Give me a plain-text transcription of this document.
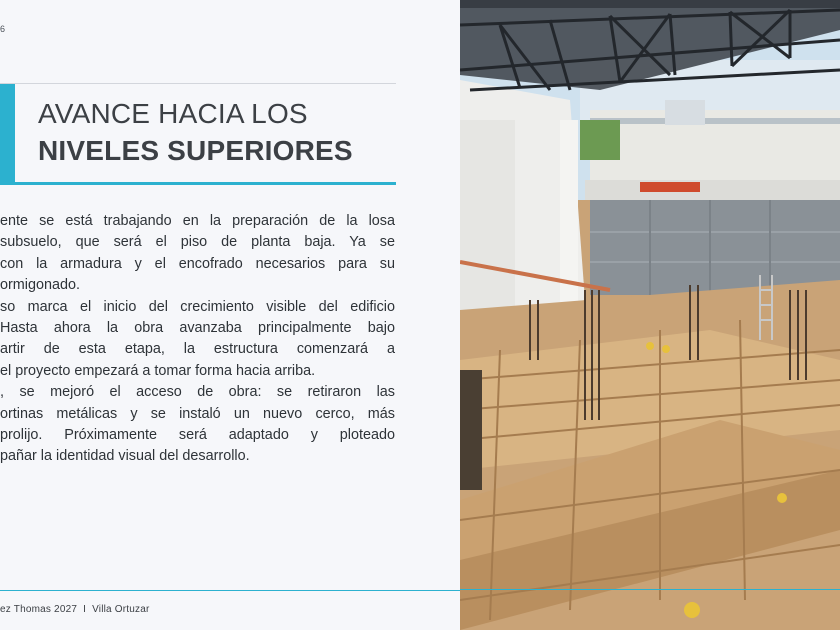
6
AVANCE HACIA LOS
NIVELES SUPERIORES
ente se está trabajando en la preparación de la losa
subsuelo, que será el piso de planta baja. Ya se
con la armadura y el encofrado necesarios para su
ormigonado.
so marca el inicio del crecimiento visible del edificio
Hasta ahora la obra avanzaba principalmente bajo
artir de esta etapa, la estructura comenzará a
el proyecto empezará a tomar forma hacia arriba.
, se mejoró el acceso de obra: se retiraron las
ortinas metálicas y se instaló un nuevo cerco, más
prolijo. Próximamente será adaptado y ploteado
pañar la identidad visual del desarrollo.
ez Thomas 2027 I Villa Ortuzar
